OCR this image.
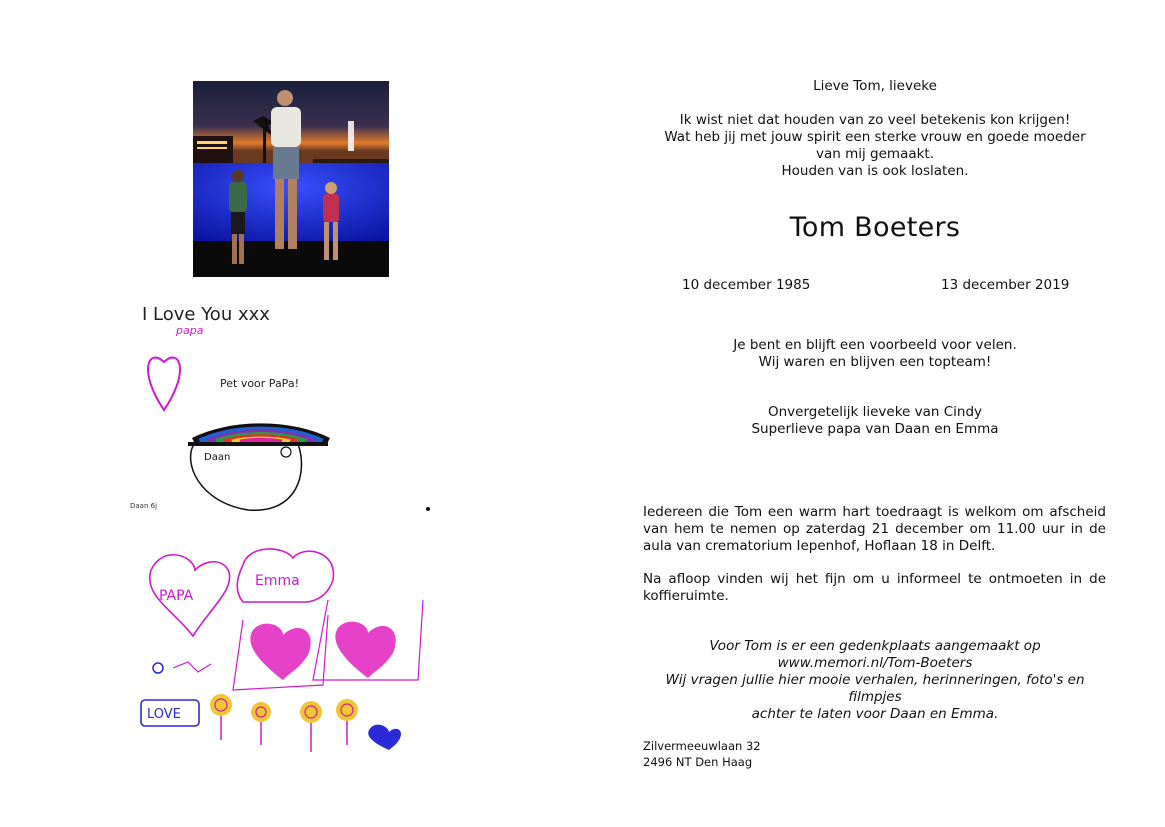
I Love You xxx
papa
Pet voor PaPa!
Daan
Daan 6j
PAPA
Emma
LOVE
Lieve Tom, lieveke
Ik wist niet dat houden van zo veel betekenis kon krijgen!
Wat heb jij met jouw spirit een sterke vrouw en goede moeder
van mij gemaakt.
Houden van is ook loslaten.
Tom Boeters
10 december 1985	13 december 2019
Je bent en blijft een voorbeeld voor velen.
Wij waren en blijven een topteam!
Onvergetelijk lieveke van Cindy
Superlieve papa van Daan en Emma
Iedereen die Tom een warm hart toedraagt is welkom om afscheid van hem te nemen op zaterdag 21 december om 11.00 uur in de aula van crematorium Iepenhof, Hoflaan 18 in Delft.
Na afloop vinden wij het fijn om u informeel te ontmoeten in de koffieruimte.
Voor Tom is er een gedenkplaats aangemaakt op
www.memori.nl/Tom-Boeters
Wij vragen jullie hier mooie verhalen, herinneringen, foto's en filmpjes
achter te laten voor Daan en Emma.
Zilvermeeuwlaan 32
2496 NT Den Haag
